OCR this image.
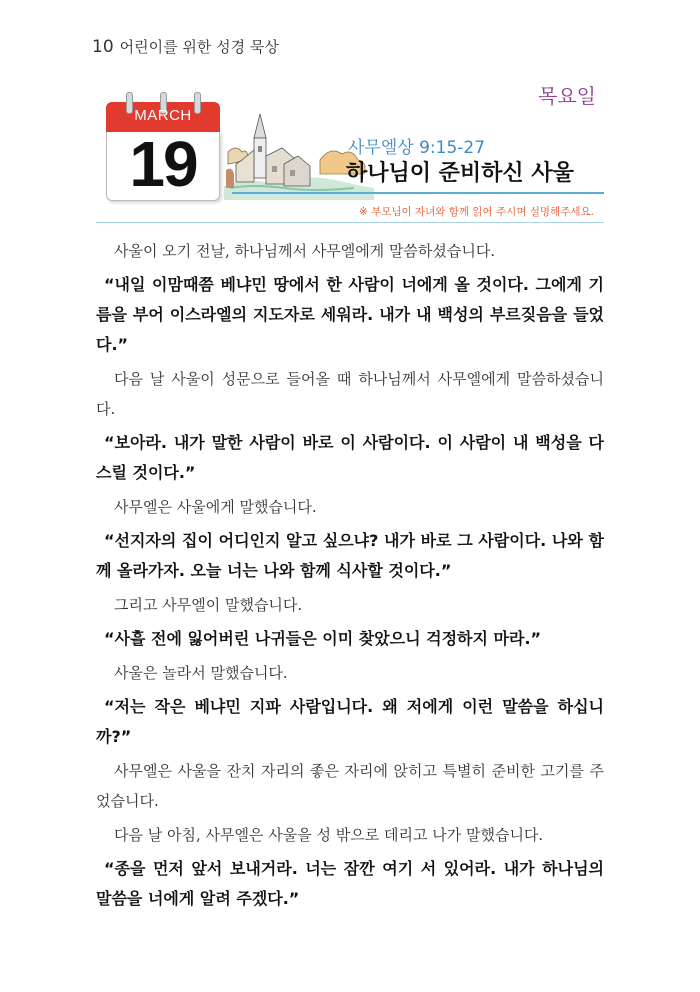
10 어린이를 위한 성경 묵상
목요일
MARCH
19	사무엘상 9:15-27
하나님이 준비하신 사울
※ 부모님이 자녀와 함께 읽어 주시며 설명해주세요.

사울이 오기 전날, 하나님께서 사무엘에게 말씀하셨습니다.

“내일 이맘때쯤 베냐민 땅에서 한 사람이 너에게 올 것이다. 그에게 기름을 부어 이스라엘의 지도자로 세워라. 내가 내 백성의 부르짖음을 들었다.”

다음 날 사울이 성문으로 들어올 때 하나님께서 사무엘에게 말씀하셨습니다.

“보아라. 내가 말한 사람이 바로 이 사람이다. 이 사람이 내 백성을 다스릴 것이다.”

사무엘은 사울에게 말했습니다.

“선지자의 집이 어디인지 알고 싶으냐? 내가 바로 그 사람이다. 나와 함께 올라가자. 오늘 너는 나와 함께 식사할 것이다.”

그리고 사무엘이 말했습니다.

“사흘 전에 잃어버린 나귀들은 이미 찾았으니 걱정하지 마라.”

사울은 놀라서 말했습니다.

“저는 작은 베냐민 지파 사람입니다. 왜 저에게 이런 말씀을 하십니까?”

사무엘은 사울을 잔치 자리의 좋은 자리에 앉히고 특별히 준비한 고기를 주었습니다.

다음 날 아침, 사무엘은 사울을 성 밖으로 데리고 나가 말했습니다.

“종을 먼저 앞서 보내거라. 너는 잠깐 여기 서 있어라. 내가 하나님의 말씀을 너에게 알려 주겠다.”
